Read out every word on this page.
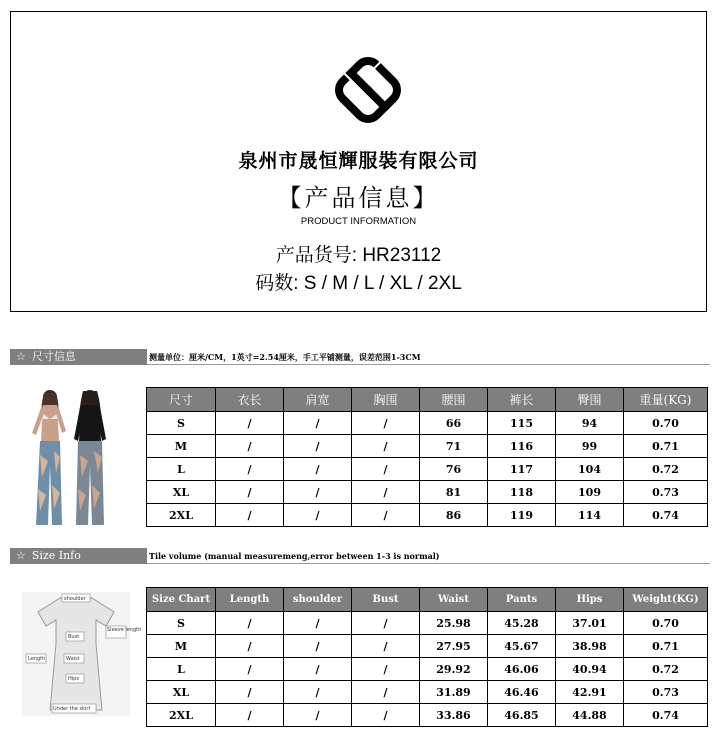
泉州市晟恒輝服裝有限公司
【产品信息】
PRODUCT INFORMATION
产品货号: HR23112
码数: S / M / L / XL / 2XL
☆ 尺寸信息	测量单位：厘米/CM，1英寸=2.54厘米，手工平铺测量，误差范围1-3CM
尺寸	衣长	肩宽	胸围	腰围	裤长	臀围	重量(KG)
S	/	/	/	66	115	94	0.70
M	/	/	/	71	116	99	0.71
L	/	/	/	76	117	104	0.72
XL	/	/	/	81	118	109	0.73
2XL	/	/	/	86	119	114	0.74
☆ Size Info	Tile volume (manual measuremeng,error between 1-3 is normal)
shoulder
Sleeve length
Bust
Length	Waist
Hips
Under the skirt
Size Chart	Length	shoulder	Bust	Waist	Pants	Hips	Weight(KG)
S	/	/	/	25.98	45.28	37.01	0.70
M	/	/	/	27.95	45.67	38.98	0.71
L	/	/	/	29.92	46.06	40.94	0.72
XL	/	/	/	31.89	46.46	42.91	0.73
2XL	/	/	/	33.86	46.85	44.88	0.74
